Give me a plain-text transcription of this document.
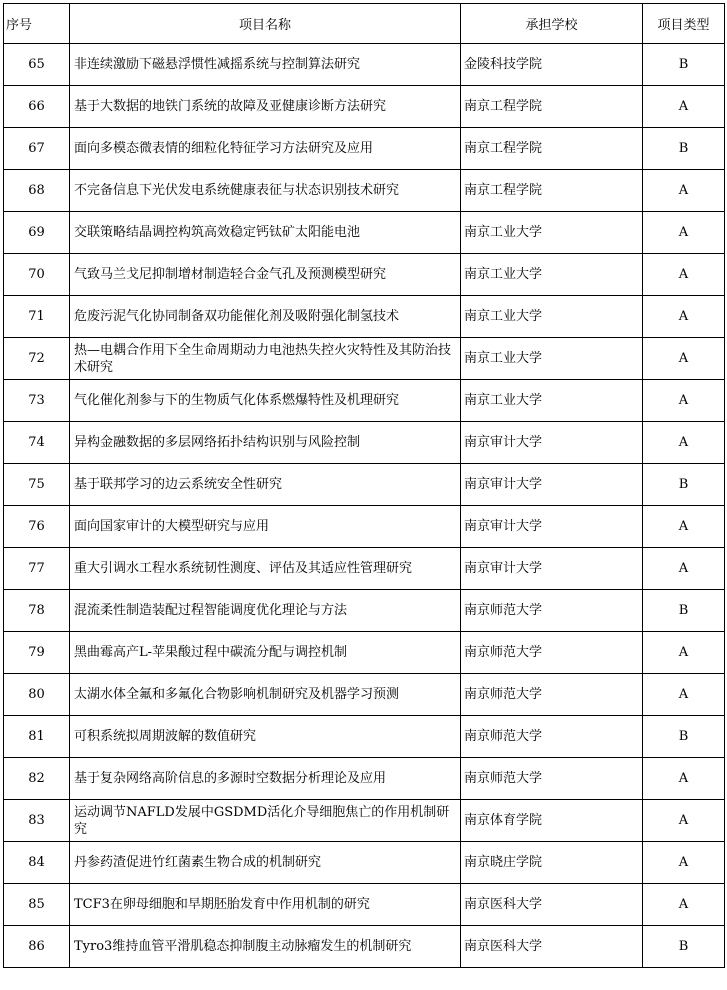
序号	项目名称	承担学校	项目类型
65	非连续激励下磁悬浮惯性减摇系统与控制算法研究	金陵科技学院	B
66	基于大数据的地铁门系统的故障及亚健康诊断方法研究	南京工程学院	A
67	面向多模态微表情的细粒化特征学习方法研究及应用	南京工程学院	B
68	不完备信息下光伏发电系统健康表征与状态识别技术研究	南京工程学院	A
69	交联策略结晶调控构筑高效稳定钙钛矿太阳能电池	南京工业大学	A
70	气致马兰戈尼抑制增材制造轻合金气孔及预测模型研究	南京工业大学	A
71	危废污泥气化协同制备双功能催化剂及吸附强化制氢技术	南京工业大学	A
72	热—电耦合作用下全生命周期动力电池热失控火灾特性及其防治技术研究	南京工业大学	A
73	气化催化剂参与下的生物质气化体系燃爆特性及机理研究	南京工业大学	A
74	异构金融数据的多层网络拓扑结构识别与风险控制	南京审计大学	A
75	基于联邦学习的边云系统安全性研究	南京审计大学	B
76	面向国家审计的大模型研究与应用	南京审计大学	A
77	重大引调水工程水系统韧性测度、评估及其适应性管理研究	南京审计大学	A
78	混流柔性制造装配过程智能调度优化理论与方法	南京师范大学	B
79	黑曲霉高产L-苹果酸过程中碳流分配与调控机制	南京师范大学	A
80	太湖水体全氟和多氟化合物影响机制研究及机器学习预测	南京师范大学	A
81	可积系统拟周期波解的数值研究	南京师范大学	B
82	基于复杂网络高阶信息的多源时空数据分析理论及应用	南京师范大学	A
83	运动调节NAFLD发展中GSDMD活化介导细胞焦亡的作用机制研究	南京体育学院	A
84	丹参药渣促进竹红菌素生物合成的机制研究	南京晓庄学院	A
85	TCF3在卵母细胞和早期胚胎发育中作用机制的研究	南京医科大学	A
86	Tyro3维持血管平滑肌稳态抑制腹主动脉瘤发生的机制研究	南京医科大学	B
